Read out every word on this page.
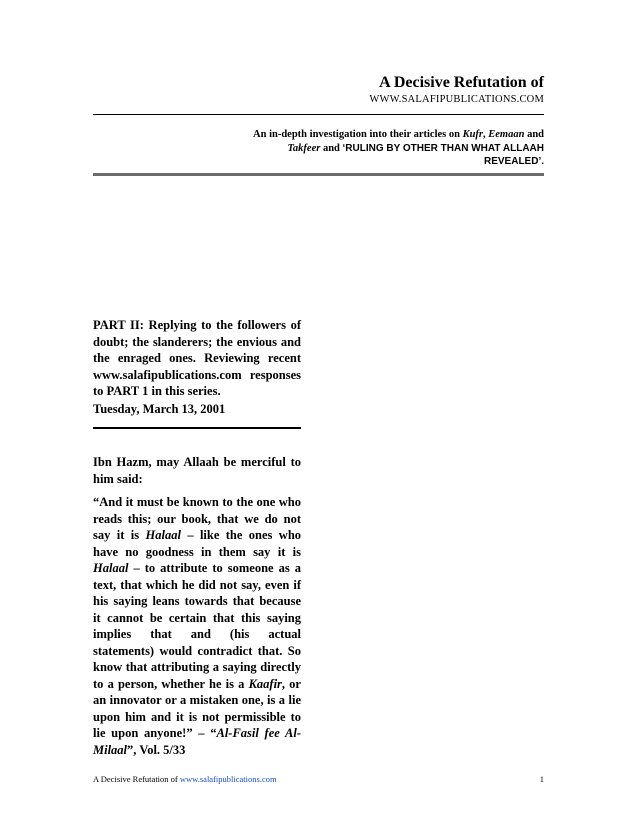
A Decisive Refutation of
WWW.SALAFIPUBLICATIONS.COM
An in-depth investigation into their articles on Kufr, Eemaan and Takfeer and ‘RULING BY OTHER THAN WHAT ALLAAH REVEALED’.
PART II: Replying to the followers of doubt; the slanderers; the envious and the enraged ones. Reviewing recent www.salafipublications.com responses to PART 1 in this series.
Tuesday, March 13, 2001
Ibn Hazm, may Allaah be merciful to him said:
“And it must be known to the one who reads this; our book, that we do not say it is Halaal – like the ones who have no goodness in them say it is Halaal – to attribute to someone as a text, that which he did not say, even if his saying leans towards that because it cannot be certain that this saying implies that and (his actual statements) would contradict that. So know that attributing a saying directly to a person, whether he is a Kaafir, or an innovator or a mistaken one, is a lie upon him and it is not permissible to lie upon anyone!” – “Al-Fasil fee Al-Milaal”, Vol. 5/33
A Decisive Refutation of www.salafipublications.com	1
